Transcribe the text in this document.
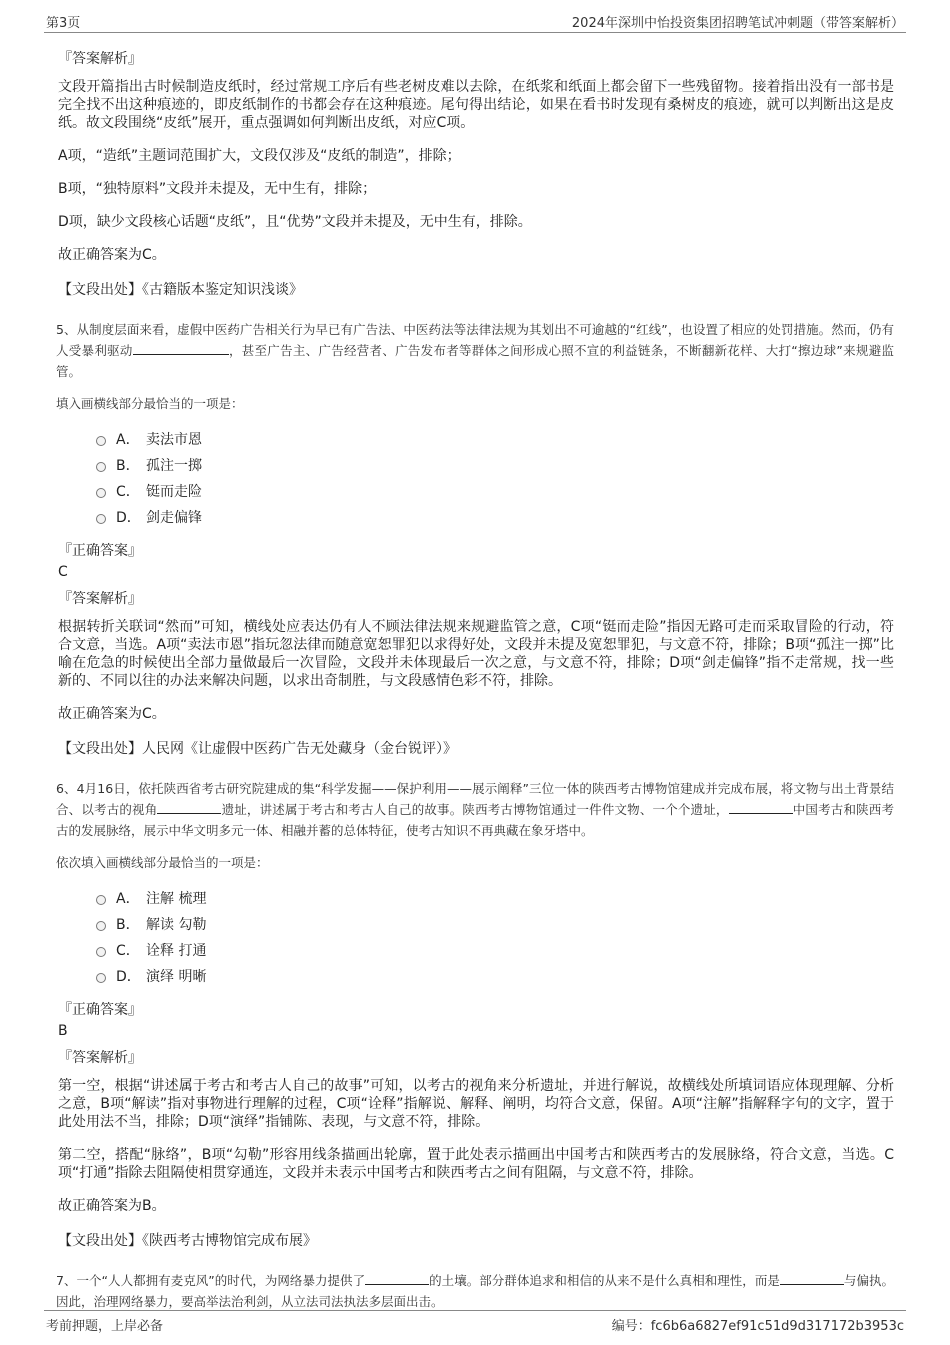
第3页	2024年深圳中怡投资集团招聘笔试冲刺题（带答案解析）
『答案解析』

文段开篇指出古时候制造皮纸时，经过常规工序后有些老树皮难以去除，在纸浆和纸面上都会留下一些残留物。接着指出没有一部书是完全找不出这种痕迹的，即皮纸制作的书都会存在这种痕迹。尾句得出结论，如果在看书时发现有桑树皮的痕迹，就可以判断出这是皮纸。故文段围绕“皮纸”展开，重点强调如何判断出皮纸，对应C项。

A项，“造纸”主题词范围扩大，文段仅涉及“皮纸的制造”，排除；

B项，“独特原料”文段并未提及，无中生有，排除；

D项，缺少文段核心话题“皮纸”，且“优势”文段并未提及，无中生有，排除。

故正确答案为C。

【文段出处】《古籍版本鉴定知识浅谈》

5、从制度层面来看，虚假中医药广告相关行为早已有广告法、中医药法等法律法规为其划出不可逾越的“红线”，也设置了相应的处罚措施。然而，仍有人受暴利驱动	，甚至广告主、广告经营者、广告发布者等群体之间形成心照不宣的利益链条，不断翻新花样、大打“擦边球”来规避监管。

填入画横线部分最恰当的一项是：
A． 卖法市恩
B． 孤注一掷
C． 铤而走险
D． 剑走偏锋
『正确答案』
C
『答案解析』

根据转折关联词“然而”可知，横线处应表达仍有人不顾法律法规来规避监管之意，C项“铤而走险”指因无路可走而采取冒险的行动，符合文意，当选。A项“卖法市恩”指玩忽法律而随意宽恕罪犯以求得好处，文段并未提及宽恕罪犯，与文意不符，排除；B项“孤注一掷”比喻在危急的时候使出全部力量做最后一次冒险，文段并未体现最后一次之意，与文意不符，排除；D项“剑走偏锋”指不走常规，找一些新的、不同以往的办法来解决问题，以求出奇制胜，与文段感情色彩不符，排除。

故正确答案为C。

【文段出处】人民网《让虚假中医药广告无处藏身（金台锐评）》

6、4月16日，依托陕西省考古研究院建成的集“科学发掘——保护利用——展示阐释”三位一体的陕西考古博物馆建成并完成布展，将文物与出土背景结合、以考古的视角	遗址，讲述属于考古和考古人自己的故事。陕西考古博物馆通过一件件文物、一个个遗址，	中国考古和陕西考古的发展脉络，展示中华文明多元一体、相融并蓄的总体特征，使考古知识不再典藏在象牙塔中。

依次填入画横线部分最恰当的一项是：
A． 注解 梳理
B． 解读 勾勒
C． 诠释 打通
D． 演绎 明晰
『正确答案』
B
『答案解析』

第一空，根据“讲述属于考古和考古人自己的故事”可知，以考古的视角来分析遗址，并进行解说，故横线处所填词语应体现理解、分析之意，B项“解读”指对事物进行理解的过程，C项“诠释”指解说、解释、阐明，均符合文意，保留。A项“注解”指解释字句的文字，置于此处用法不当，排除；D项“演绎”指铺陈、表现，与文意不符，排除。

第二空，搭配“脉络”，B项“勾勒”形容用线条描画出轮廓，置于此处表示描画出中国考古和陕西考古的发展脉络，符合文意，当选。C项“打通”指除去阻隔使相贯穿通连，文段并未表示中国考古和陕西考古之间有阻隔，与文意不符，排除。

故正确答案为B。

【文段出处】《陕西考古博物馆完成布展》

7、一个“人人都拥有麦克风”的时代，为网络暴力提供了	的土壤。部分群体追求和相信的从来不是什么真相和理性，而是	与偏执。因此，治理网络暴力，要高举法治利剑，从立法司法执法多层面出击。

考前押题，上岸必备	编号：fc6b6a6827ef91c51d9d317172b3953c
